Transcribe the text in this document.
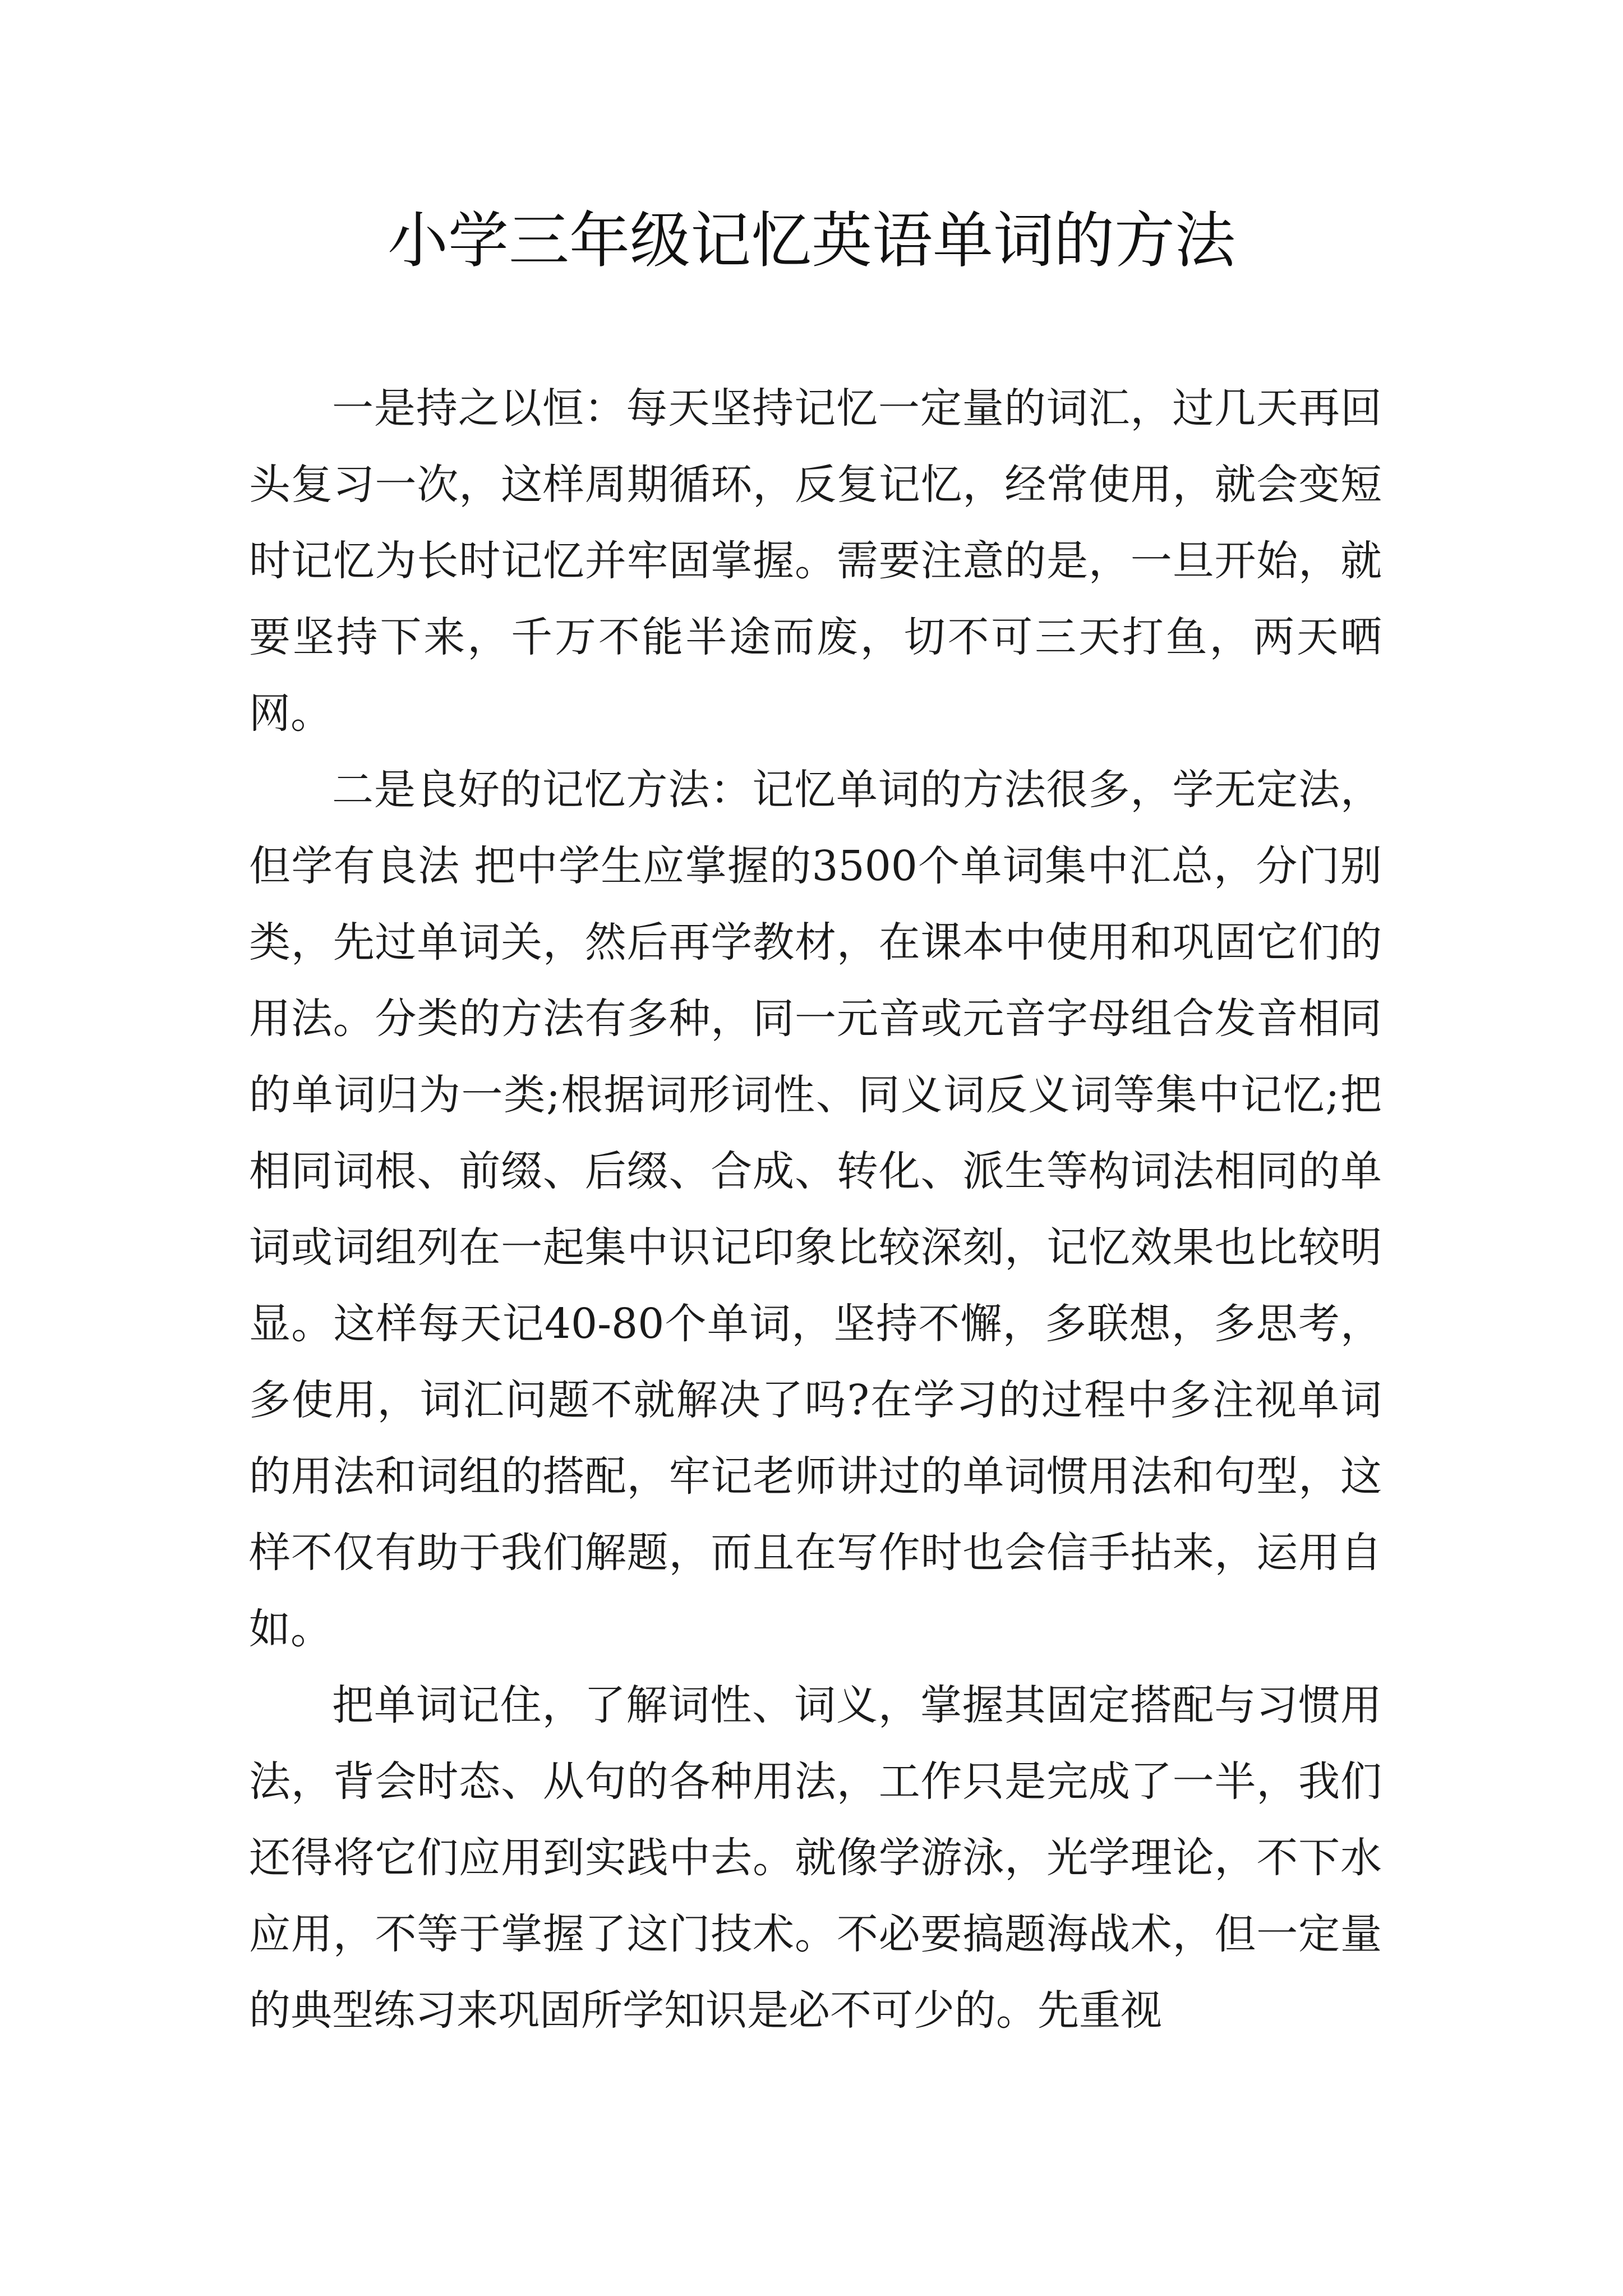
小学三年级记忆英语单词的方法

一是持之以恒：每天坚持记忆一定量的词汇，过几天再回头复习一次，这样周期循环，反复记忆，经常使用，就会变短时记忆为长时记忆并牢固掌握。需要注意的是，一旦开始，就要坚持下来，千万不能半途而废，切不可三天打鱼，两天晒网。

二是良好的记忆方法：记忆单词的方法很多，学无定法，但学有良法 把中学生应掌握的3500个单词集中汇总，分门别类，先过单词关，然后再学教材，在课本中使用和巩固它们的用法。分类的方法有多种，同一元音或元音字母组合发音相同的单词归为一类;根据词形词性、同义词反义词等集中记忆;把相同词根、前缀、后缀、合成、转化、派生等构词法相同的单词或词组列在一起集中识记印象比较深刻，记忆效果也比较明显。这样每天记40-80个单词，坚持不懈，多联想，多思考，多使用，词汇问题不就解决了吗?在学习的过程中多注视单词的用法和词组的搭配，牢记老师讲过的单词惯用法和句型，这样不仅有助于我们解题，而且在写作时也会信手拈来，运用自如。

把单词记住，了解词性、词义，掌握其固定搭配与习惯用法，背会时态、从句的各种用法，工作只是完成了一半，我们还得将它们应用到实践中去。就像学游泳，光学理论，不下水应用，不等于掌握了这门技术。不必要搞题海战术，但一定量的典型练习来巩固所学知识是必不可少的。先重视
